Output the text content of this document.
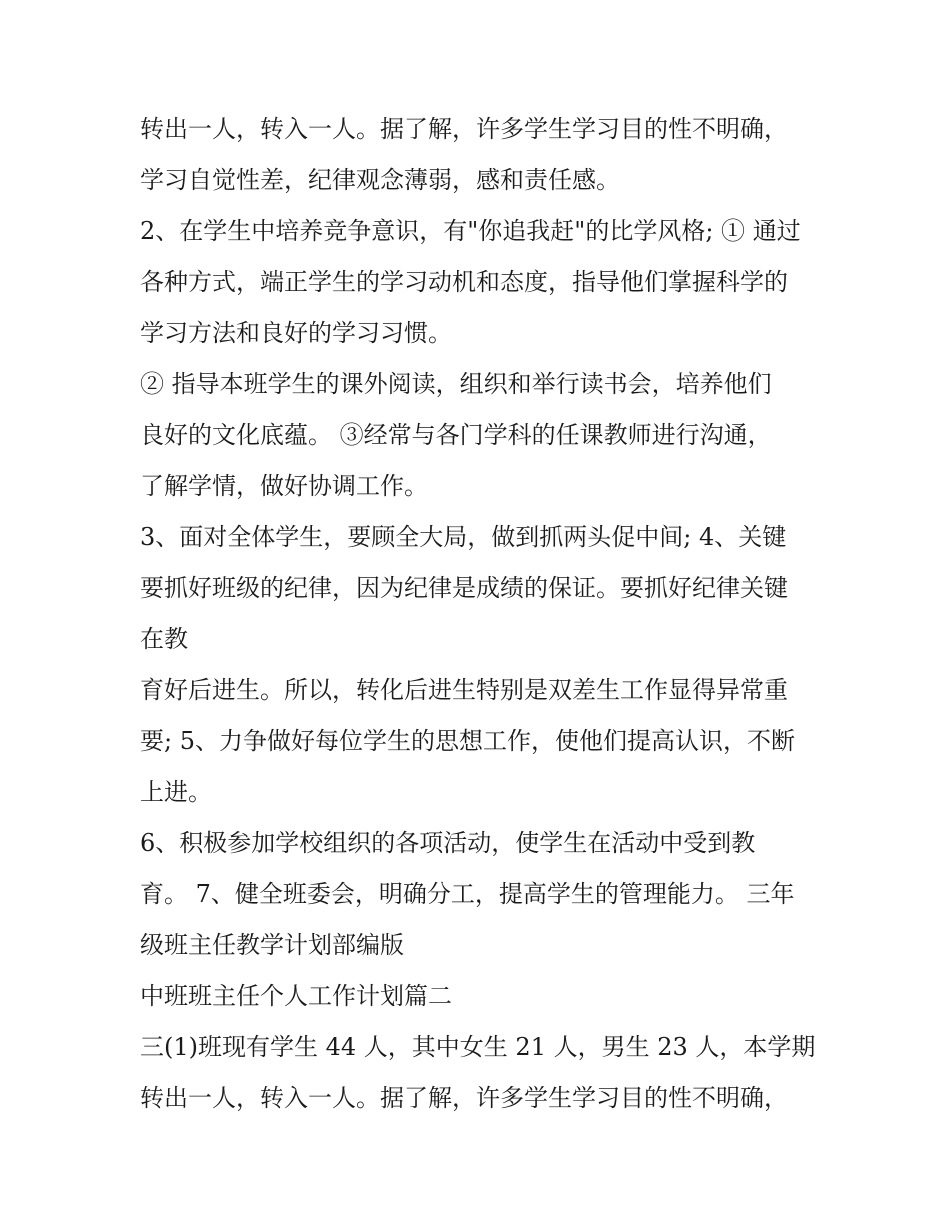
转出一人，转入一人。据了解，许多学生学习目的性不明确，
学习自觉性差，纪律观念薄弱，感和责任感。
2、在学生中培养竞争意识，有"你追我赶"的比学风格; ① 通过
各种方式，端正学生的学习动机和态度，指导他们掌握科学的
学习方法和良好的学习习惯。
② 指导本班学生的课外阅读，组织和举行读书会，培养他们
良好的文化底蕴。 ③经常与各门学科的任课教师进行沟通，
了解学情，做好协调工作。
3、面对全体学生，要顾全大局，做到抓两头促中间; 4、关键
要抓好班级的纪律，因为纪律是成绩的保证。要抓好纪律关键
在教
育好后进生。所以，转化后进生特别是双差生工作显得异常重
要; 5、力争做好每位学生的思想工作，使他们提高认识，不断
上进。
6、积极参加学校组织的各项活动，使学生在活动中受到教
育。 7、健全班委会，明确分工，提高学生的管理能力。 三年
级班主任教学计划部编版
中班班主任个人工作计划篇二
三(1)班现有学生 44 人，其中女生 21 人，男生 23 人，本学期
转出一人，转入一人。据了解，许多学生学习目的性不明确，
